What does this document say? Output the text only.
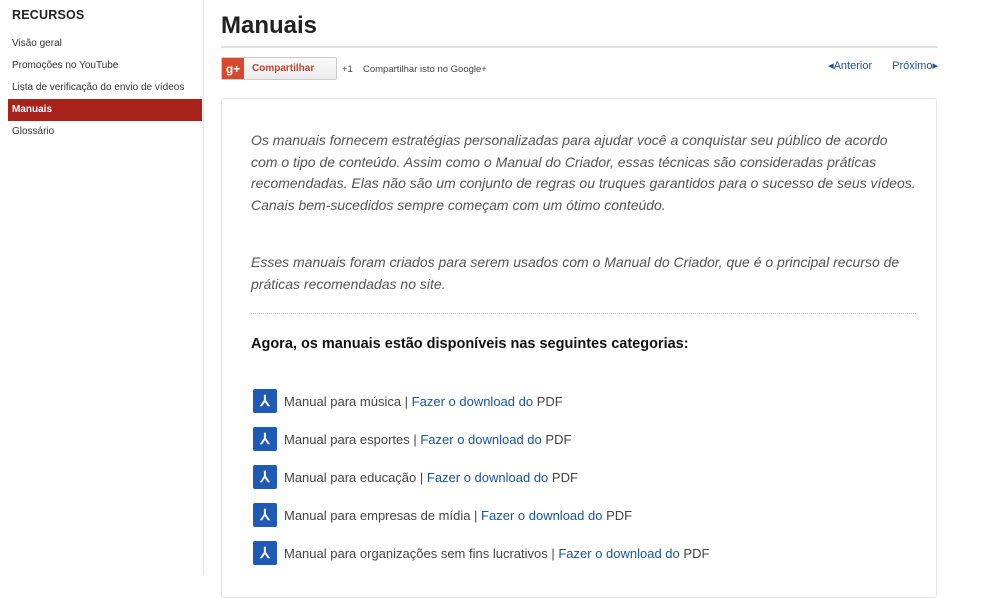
RECURSOS
Visão geral
Promoções no YouTube
Lista de verificação do envio de vídeos
Manuais
Glossário
Manuais
g+	Compartilhar	+1 Compartilhar isto no Google+	◂Anterior Próximo▸

Os manuais fornecem estratégias personalizadas para ajudar você a conquistar seu público de acordo com o tipo de conteúdo. Assim como o Manual do Criador, essas técnicas são consideradas práticas recomendadas. Elas não são um conjunto de regras ou truques garantidos para o sucesso de seus vídeos. Canais bem-sucedidos sempre começam com um ótimo conteúdo.

Esses manuais foram criados para serem usados com o Manual do Criador, que é o principal recurso de práticas recomendadas no site.

Agora, os manuais estão disponíveis nas seguintes categorias:
⅄	Manual para música |
Fazer o download do
PDF
⅄	Manual para esportes |
Fazer o download do
PDF
⅄	Manual para educação |
Fazer o download do
PDF
⅄	Manual para empresas de mídia |
Fazer o download do
PDF
⅄	Manual para organizações sem fins lucrativos |
Fazer o download do
PDF
